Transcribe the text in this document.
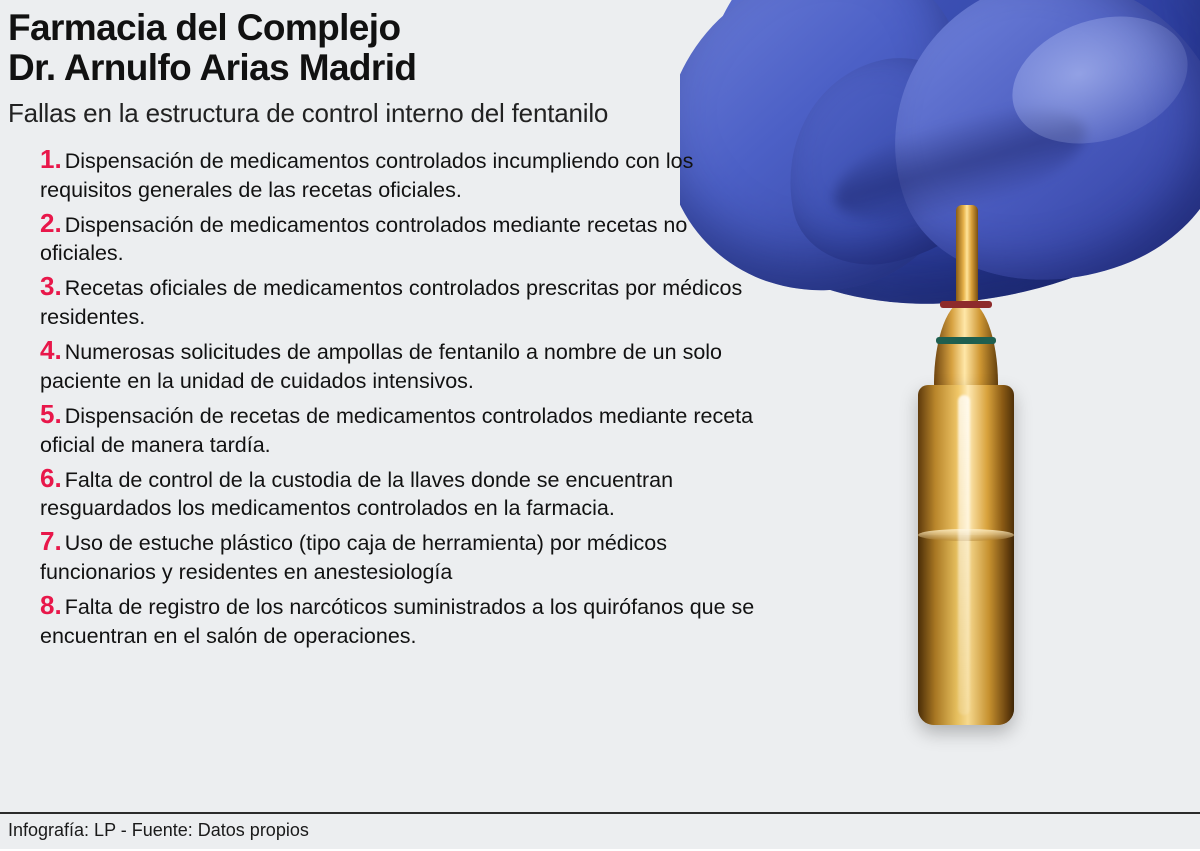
Farmacia del Complejo
Dr. Arnulfo Arias Madrid
Fallas en la estructura de control interno del fentanilo
1. Dispensación de medicamentos controlados incumpliendo con los requisitos generales de las recetas oficiales.
2. Dispensación de medicamentos controlados mediante recetas no oficiales.
3. Recetas oficiales de medicamentos controlados prescritas por médicos residentes.
4. Numerosas solicitudes de ampollas de fentanilo a nombre de un solo paciente en la unidad de cuidados intensivos.
5. Dispensación de recetas de medicamentos controlados mediante receta oficial de manera tardía.
6. Falta de control de la custodia de la llaves donde se encuentran resguardados los medicamentos controlados en la farmacia.
7. Uso de estuche plástico (tipo caja de herramienta) por médicos funcionarios y residentes en anestesiología
8. Falta de registro de los narcóticos suministrados a los quirófanos que se encuentran en el salón de operaciones.
Infografía: LP - Fuente: Datos propios
